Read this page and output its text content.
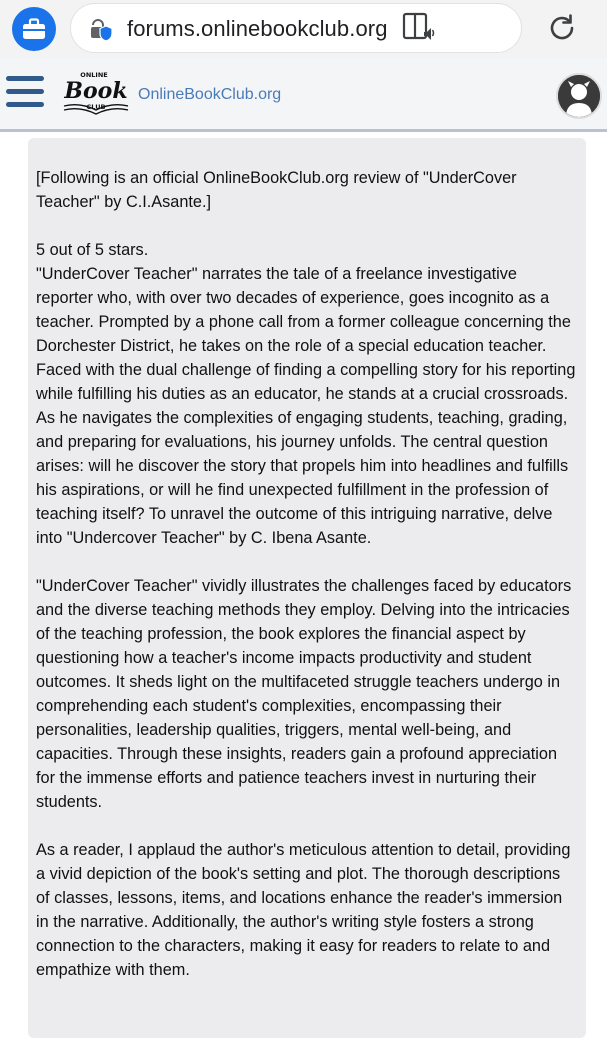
forums.onlinebookclub.org
ONLINE
Book
CLUB
OnlineBookClub.org

[Following is an official OnlineBookClub.org review of "UnderCover Teacher" by C.I.Asante.]

5 out of 5 stars.

"UnderCover Teacher" narrates the tale of a freelance investigative reporter who, with over two decades of experience, goes incognito as a teacher. Prompted by a phone call from a former colleague concerning the Dorchester District, he takes on the role of a special education teacher. Faced with the dual challenge of finding a compelling story for his reporting while fulfilling his duties as an educator, he stands at a crucial crossroads. As he navigates the complexities of engaging students, teaching, grading, and preparing for evaluations, his journey unfolds. The central question arises: will he discover the story that propels him into headlines and fulfills his aspirations, or will he find unexpected fulfillment in the profession of teaching itself? To unravel the outcome of this intriguing narrative, delve into "Undercover Teacher" by C. Ibena Asante.

"UnderCover Teacher" vividly illustrates the challenges faced by educators and the diverse teaching methods they employ. Delving into the intricacies of the teaching profession, the book explores the financial aspect by questioning how a teacher's income impacts productivity and student outcomes. It sheds light on the multifaceted struggle teachers undergo in comprehending each student's complexities, encompassing their personalities, leadership qualities, triggers, mental well-being, and capacities. Through these insights, readers gain a profound appreciation for the immense efforts and patience teachers invest in nurturing their students.

As a reader, I applaud the author's meticulous attention to detail, providing a vivid depiction of the book's setting and plot. The thorough descriptions of classes, lessons, items, and locations enhance the reader's immersion in the narrative. Additionally, the author's writing style fosters a strong connection to the characters, making it easy for readers to relate to and empathize with them.
